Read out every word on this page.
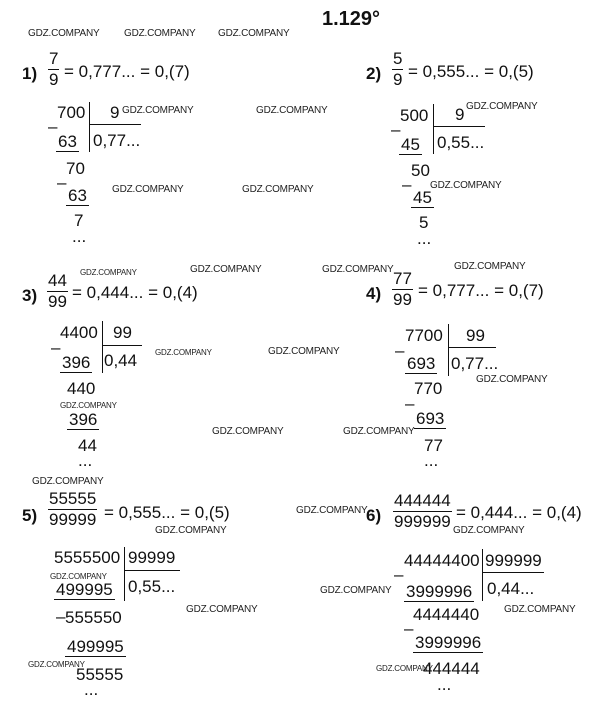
1.129°
GDZ.COMPANY GDZ.COMPANY GDZ.COMPANY
$1) \frac{7}{9} = 0,777$... = 0,(7)
700 9
0,77...
–
63
70
–
63
7
...
GDZ.COMPANY	GDZ.COMPANY
GDZ.COMPANY	GDZ.COMPANY
$2) \frac{5}{9} = 0,555$... = 0,(5)
500 9
0,55...
–
45
50
–
45
5
...
GDZ.COMPANY
GDZ.COMPANY
GDZ.COMPANY	GDZ.COMPANY	GDZ.COMPANY	GDZ.COMPANY
$3) \frac{44}{99} = 0,444$... = 0,(4)
4400 99
0,44
–
396
440
396
44
...
GDZ.COMPANY
GDZ.COMPANY	GDZ.COMPANY
GDZ.COMPANY
GDZ.COMPANY
$4) \frac{77}{99} = 0,777$... = 0,(7)
7700 99
0,77...
–
693
770
–
693
77
...
GDZ.COMPANY
GDZ.COMPANY
$5) \frac{55555}{99999} = 0,555$... = 0,(5)
5555500 99999
0,55...
499995
– 555550
499995
55555
...
GDZ.COMPANY
GDZ.COMPANY
GDZ.COMPANY
GDZ.COMPANY
GDZ.COMPANY
$6) \frac{444444}{999999} = 0,444$... = 0,(4)
GDZ.COMPANY
44444400 999999
0,44...
–
3999996
4444440
–
3999996
444444
...
GDZ.COMPANY
GDZ.COMPANY
GDZ.COMPANY
